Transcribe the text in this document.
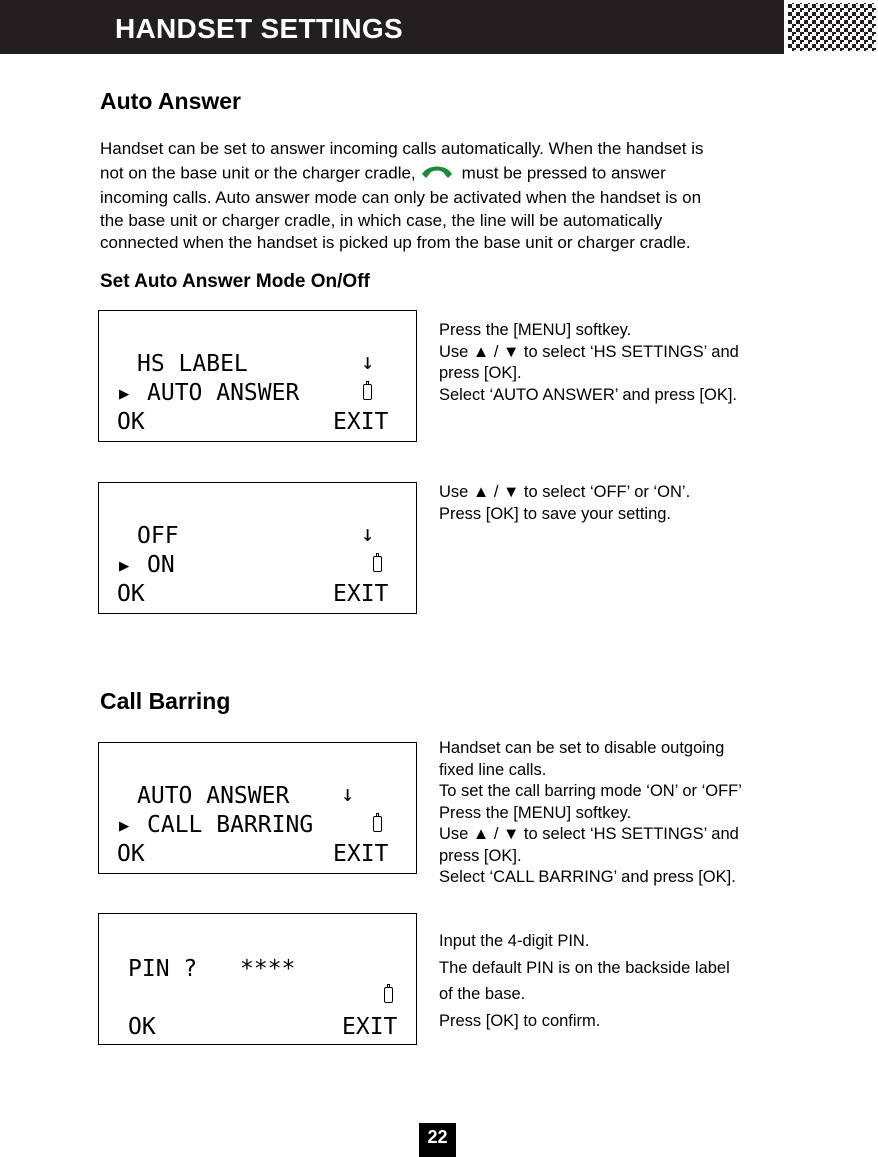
HANDSET SETTINGS
Auto Answer
Handset can be set to answer incoming calls automatically. When the handset is
not on the base unit or the charger cradle,	must be pressed to answer
incoming calls. Auto answer mode can only be activated when the handset is on
the base unit or charger cradle, in which case, the line will be automatically
connected when the handset is picked up from the base unit or charger cradle.
Set Auto Answer Mode On/Off
HS LABEL	↓
▶ AUTO ANSWER
OK	EXIT
Press the [MENU] softkey.
Use ▲ / ▼ to select ‘HS SETTINGS’ and
press [OK].
Select ‘AUTO ANSWER’ and press [OK].
OFF	↓
▶ ON
OK	EXIT
Use ▲ / ▼ to select ‘OFF’ or ‘ON’.
Press [OK] to save your setting.
Call Barring
AUTO ANSWER ↓
▶ CALL BARRING
OK	EXIT
Handset can be set to disable outgoing
fixed line calls.
To set the call barring mode ‘ON’ or ‘OFF’
Press the [MENU] softkey.
Use ▲ / ▼ to select ‘HS SETTINGS’ and
press [OK].
Select ‘CALL BARRING’ and press [OK].
PIN ? ****
OK	EXIT
Input the 4-digit PIN.
The default PIN is on the backside label
of the base.
Press [OK] to confirm.
22
